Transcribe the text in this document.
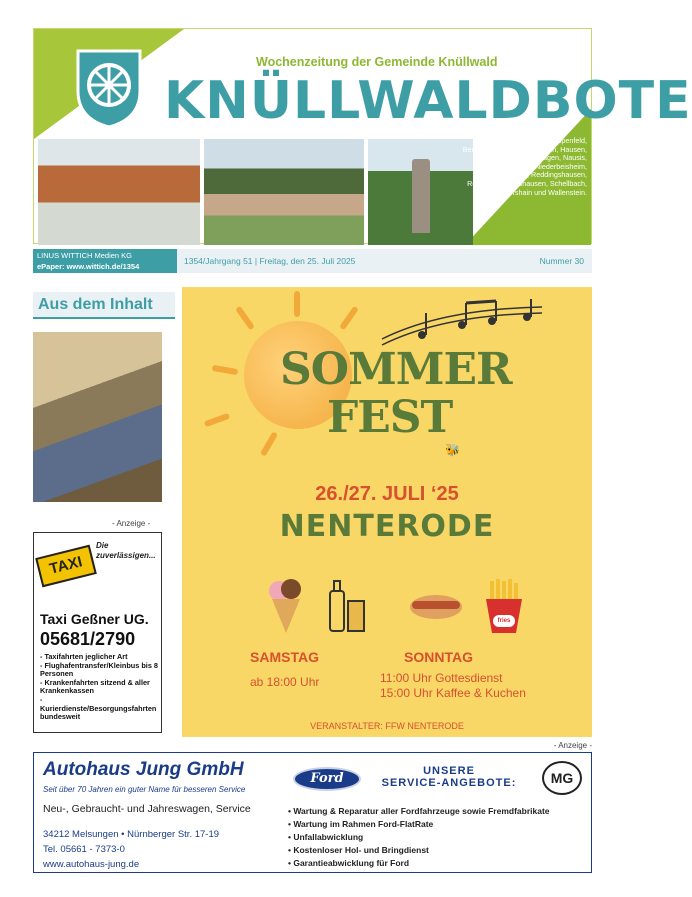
Wochenzeitung der Gemeinde Knüllwald
KNÜLLWALDBOTE
mit den Ortsteilen Appenfeld, Berndshausen, Blingshausen, Hausen, Hergetsfeld, Lichtenhagen, Nausis, Nenterode, Niederbeisheim, Oberbeisheim, Reddingshausen, Remsfeld, Rengshausen, Schellbach, Völkershain und Wallenstein.
LINUS WITTICH Medien KG
ePaper: www.wittich.de/1354
1354/Jahrgang 51 | Freitag, den 25. Juli 2025	Nummer 30
Aus dem Inhalt
- Anzeige -
Die zuverlässigen...
TAXI
Taxi Geßner UG.
05681/2790
- Taxifahrten jeglicher Art
- Flughafentransfer/Kleinbus bis 8 Personen
- Krankenfahrten sitzend & aller Krankenkassen
- Kurierdienste/Besorgungsfahrten bundesweit
SOMMER
FEST
🐝
26./27. JULI ‘25
NENTERODE
fries
SAMSTAG
ab 18:00 Uhr
SONNTAG
11:00 Uhr Gottesdienst
15:00 Uhr Kaffee & Kuchen
VERANSTALTER: FFW NENTERODE
- Anzeige -
Autohaus Jung GmbH
Seit über 70 Jahren ein guter Name für besseren Service
Neu-, Gebraucht- und Jahreswagen, Service
34212 Melsungen • Nürnberger Str. 17-19
Tel. 05661 - 7373-0
www.autohaus-jung.de
Ford	UNSERE
SERVICE-ANGEBOTE:	MG
• Wartung & Reparatur aller Fordfahrzeuge sowie Fremdfabrikate
• Wartung im Rahmen Ford-FlatRate
• Unfallabwicklung
• Kostenloser Hol- und Bringdienst
• Garantieabwicklung für Ford
